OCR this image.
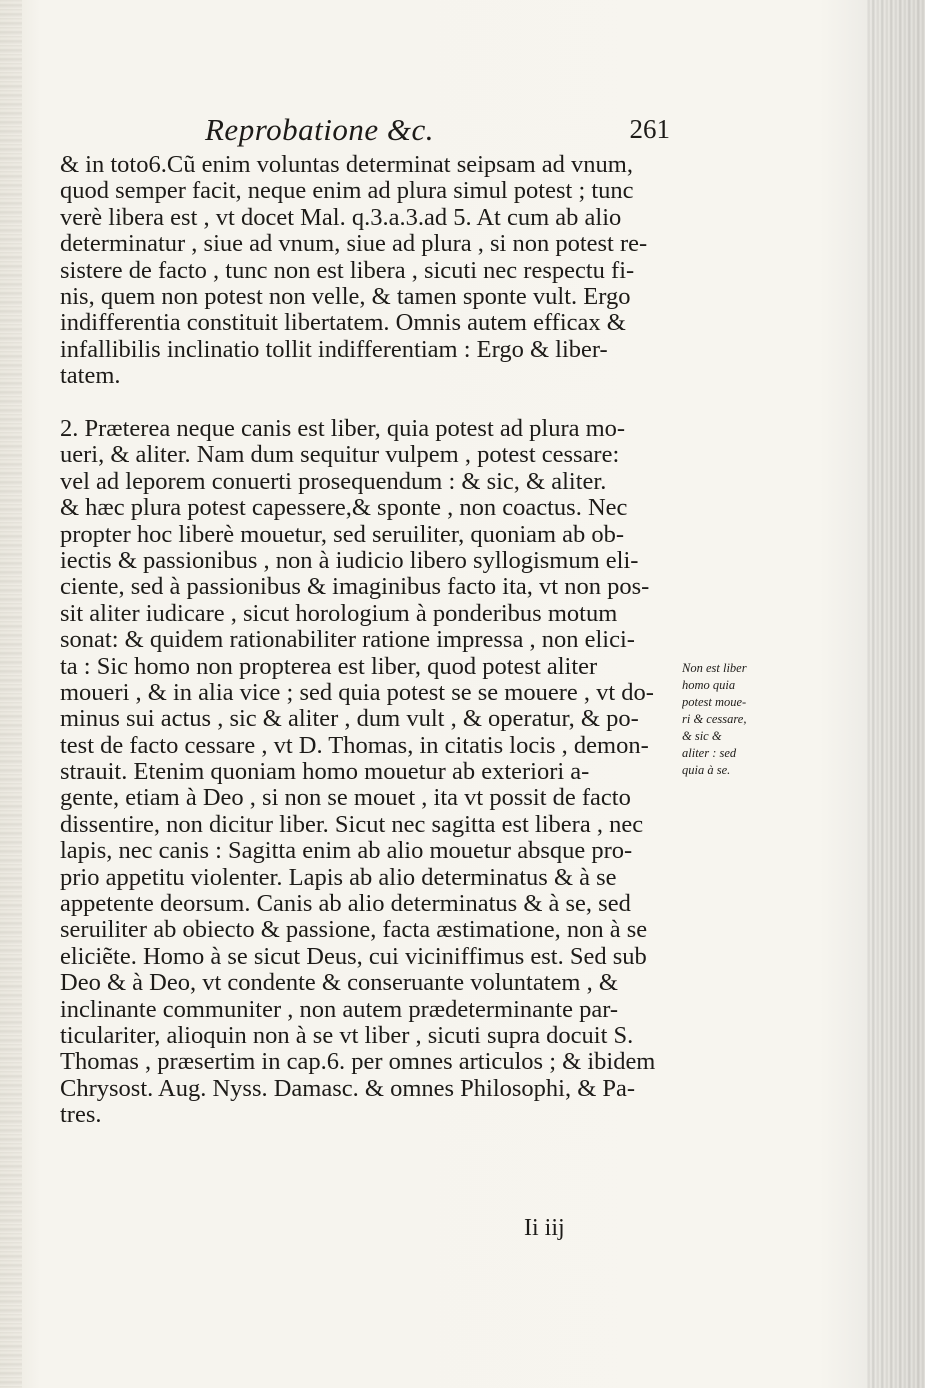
Reprobatione &c.	261
& in toto6.Cũ enim voluntas determinat seipsam ad vnum,
quod semper facit, neque enim ad plura simul potest ; tunc
verè libera est , vt docet Mal. q.3.a.3.ad 5. At cum ab alio
determinatur , siue ad vnum, siue ad plura , si non potest re-
sistere de facto , tunc non est libera , sicuti nec respectu fi-
nis, quem non potest non velle, & tamen sponte vult. Ergo
indifferentia constituit libertatem. Omnis autem efficax &
infallibilis inclinatio tollit indifferentiam : Ergo & liber-
tatem.
2. Præterea neque canis est liber, quia potest ad plura mo-
ueri, & aliter. Nam dum sequitur vulpem , potest cessare:
vel ad leporem conuerti prosequendum : & sic, & aliter.
& hæc plura potest capessere,& sponte , non coactus. Nec
propter hoc liberè mouetur, sed seruiliter, quoniam ab ob-
iectis & passionibus , non à iudicio libero syllogismum eli-
ciente, sed à passionibus & imaginibus facto ita, vt non pos-
sit aliter iudicare , sicut horologium à ponderibus motum
sonat: & quidem rationabiliter ratione impressa , non elici-
ta : Sic homo non propterea est liber, quod potest aliter
moueri , & in alia vice ; sed quia potest se se mouere , vt do-
minus sui actus , sic & aliter , dum vult , & operatur, & po-
test de facto cessare , vt D. Thomas, in citatis locis , demon-
strauit. Etenim quoniam homo mouetur ab exteriori a-
gente, etiam à Deo , si non se mouet , ita vt possit de facto
dissentire, non dicitur liber. Sicut nec sagitta est libera , nec
lapis, nec canis : Sagitta enim ab alio mouetur absque pro-
prio appetitu violenter. Lapis ab alio determinatus & à se
appetente deorsum. Canis ab alio determinatus & à se, sed
seruiliter ab obiecto & passione, facta æstimatione, non à se
eliciẽte. Homo à se sicut Deus, cui viciniffimus est. Sed sub
Deo & à Deo, vt condente & conseruante voluntatem , &
inclinante communiter , non autem prædeterminante par-
ticulariter, alioquin non à se vt liber , sicuti supra docuit S.
Thomas , præsertim in cap.6. per omnes articulos ; & ibidem
Chrysost. Aug. Nyss. Damasc. & omnes Philosophi, & Pa-
tres.
Non est liber
homo quia
potest moue-
ri & cessare,
& sic &
aliter : sed
quia à se.
Ii iij
